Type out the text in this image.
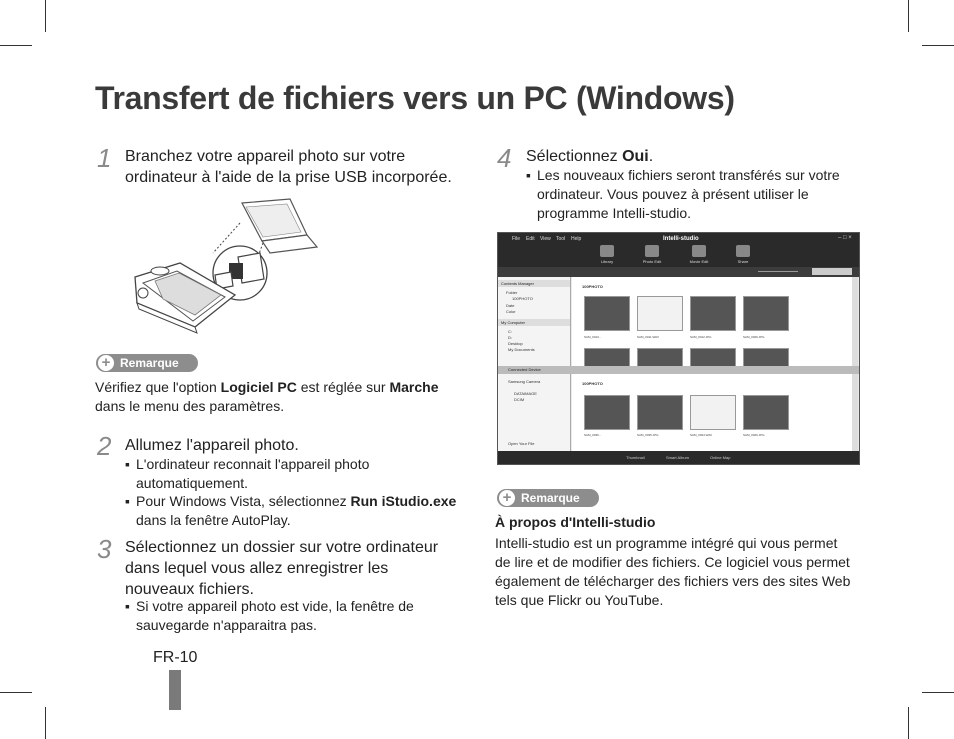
Transfert de fichiers vers un PC (Windows)
1 Branchez votre appareil photo sur votre
ordinateur à l'aide de la prise USB incorporée.
+ Remarque
Vérifiez que l'option Logiciel PC est réglée sur Marche
dans le menu des paramètres.
2 Allumez l'appareil photo.
▪ L'ordinateur reconnait l'appareil photo
automatiquement.
▪ Pour Windows Vista, sélectionnez Run iStudio.exe
dans la fenêtre AutoPlay.
3 Sélectionnez un dossier sur votre ordinateur
dans lequel vous allez enregistrer les
nouveaux fichiers.
▪ Si votre appareil photo est vide, la fenêtre de
sauvegarde n'apparaitra pas.
FR-10
4 Sélectionnez Oui.
▪ Les nouveaux fichiers seront transférés sur votre
ordinateur. Vous pouvez à présent utiliser le
programme Intelli-studio.
File Edit View Tool Help	Intelli-studio	– □ ×
Library	Photo Edit	Movie Edit	Share
Contents Manager
Folder
100PHOTO
Date
Color
My Computer
C:
D:
Desktop
My Documents
100PHOTO
SAM_0013...	SAM_0011.WAV	SAM_0012.JPG	SAM_0026.JPG
Connected Device
Samsung Camera
DATAIMAGE
DCIM
Open Your File
100PHOTO
SAM_0036...	SAM_0035.JPG	SAM_0024.WAV	SAM_0026.JPG
Thumbnail	Smart Album	Online Map
+ Remarque
À propos d'Intelli-studio
Intelli-studio est un programme intégré qui vous permet
de lire et de modifier des fichiers. Ce logiciel vous permet
également de télécharger des fichiers vers des sites Web
tels que Flickr ou YouTube.
